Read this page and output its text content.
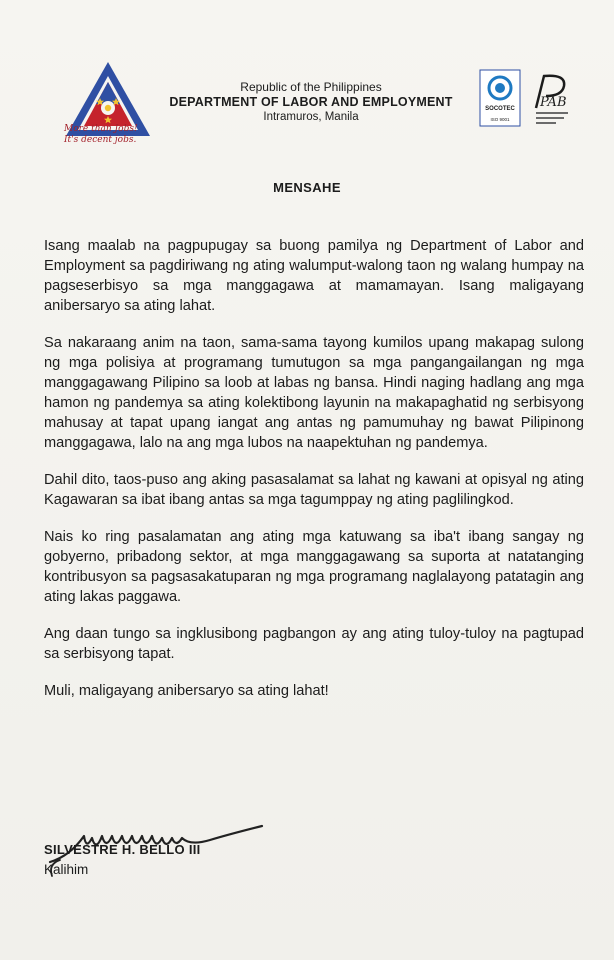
More than Jobs!
It's decent jobs.
Republic of the Philippines
DEPARTMENT OF LABOR AND EMPLOYMENT
Intramuros, Manila
SOCOTEC
ISO 9001
PAB
MENSAHE

Isang maalab na pagpupugay sa buong pamilya ng Department of Labor and Employment sa pagdiriwang ng ating walumput-walong taon ng walang humpay na pagseserbisyo sa mga manggagawa at mamamayan. Isang maligayang anibersaryo sa ating lahat.

Sa nakaraang anim na taon, sama-sama tayong kumilos upang makapag sulong ng mga polisiya at programang tumutugon sa mga pangangailangan ng mga manggagawang Pilipino sa loob at labas ng bansa. Hindi naging hadlang ang mga hamon ng pandemya sa ating kolektibong layunin na makapaghatid ng serbisyong mahusay at tapat upang iangat ang antas ng pamumuhay ng bawat Pilipinong manggagawa, lalo na ang mga lubos na naapektuhan ng pandemya.

Dahil dito, taos-puso ang aking pasasalamat sa lahat ng kawani at opisyal ng ating Kagawaran sa ibat ibang antas sa mga tagumppay ng ating paglilingkod.

Nais ko ring pasalamatan ang ating mga katuwang sa iba't ibang sangay ng gobyerno, pribadong sektor, at mga manggagawang sa suporta at natatanging kontribusyon sa pagsasakatuparan ng mga programang naglalayong patatagin ang ating lakas paggawa.

Ang daan tungo sa ingklusibong pagbangon ay ang ating tuloy-tuloy na pagtupad sa serbisyong tapat.

Muli, maligayang anibersaryo sa ating lahat!

SILVESTRE H. BELLO III
Kalihim
